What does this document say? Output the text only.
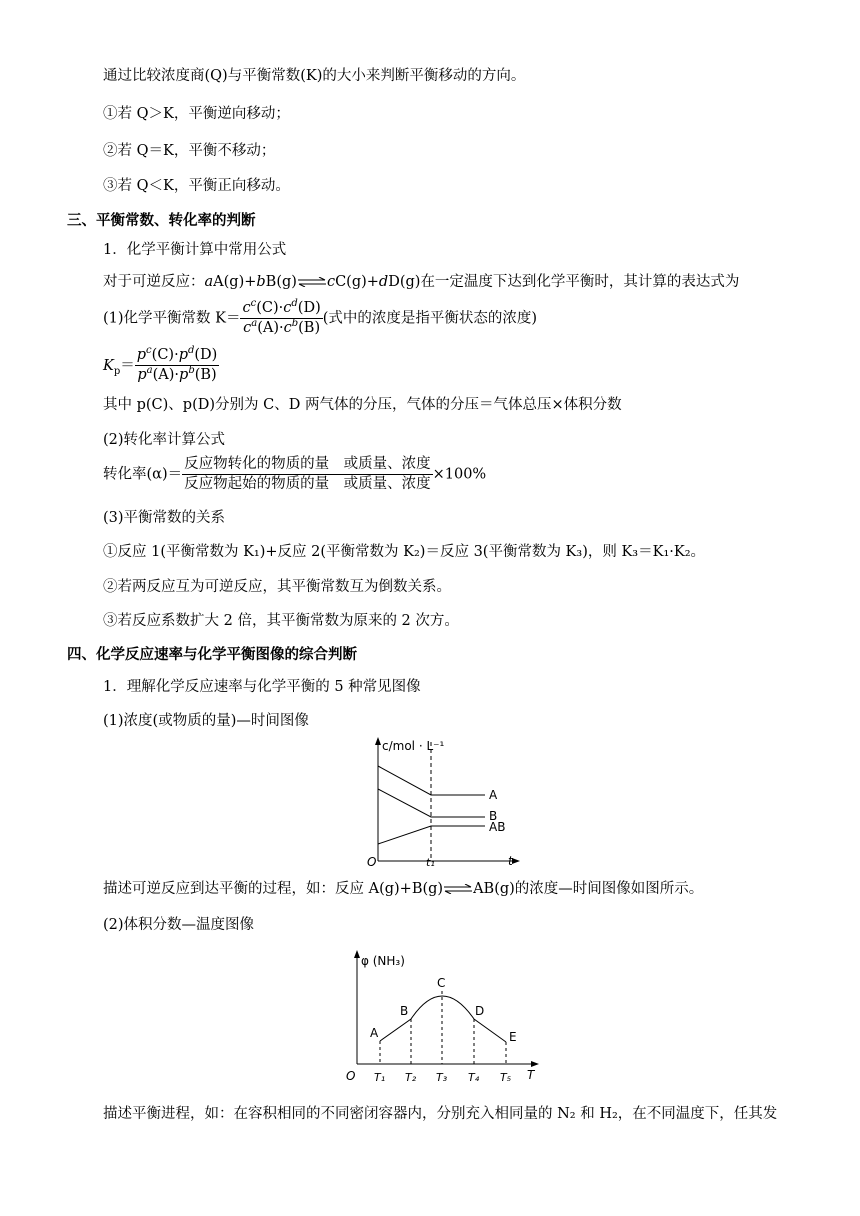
通过比较浓度商(Q)与平衡常数(K)的大小来判断平衡移动的方向。
①若 Q＞K，平衡逆向移动；
②若 Q＝K，平衡不移动；
③若 Q＜K，平衡正向移动。
三、平衡常数、转化率的判断
1．化学平衡计算中常用公式
对于可逆反应：aA(g)+bB(g)⇌cC(g)+dD(g)在一定温度下达到化学平衡时，其计算的表达式为
(1)化学平衡常数 $K= \frac{c^c(C)\cdot c^d(D)}{c^a(A)\cdot c^b(B)}$ (式中的浓度是指平衡状态的浓度)
$K_p= \frac{p^c(C)\cdot p^d(D)}{p^a(A)\cdot p^b(B)}$
其中 p(C)、p(D)分别为 C、D 两气体的分压，气体的分压＝气体总压×体积分数
(2)转化率计算公式
转化率$(\alpha)= \frac{\text{反应物转化的物质的量　或质量、浓度}}{\text{反应物起始的物质的量　或质量、浓度}} \times 100\%$
(3)平衡常数的关系
①反应 1(平衡常数为 K₁)+反应 2(平衡常数为 K₂)＝反应 3(平衡常数为 K₃)，则 K₃＝K₁·K₂。
②若两反应互为可逆反应，其平衡常数互为倒数关系。
③若反应系数扩大 2 倍，其平衡常数为原来的 2 次方。
四、化学反应速率与化学平衡图像的综合判断
1．理解化学反应速率与化学平衡的 5 种常见图像
(1)浓度(或物质的量)—时间图像
c/mol · L⁻¹
O	t₁	t
A
B
AB
描述可逆反应到达平衡的过程，如：反应 A(g)+B(g)⇌AB(g)的浓度—时间图像如图所示。
(2)体积分数—温度图像
φ (NH₃)
O T₁ T₂ T₃ T₄ T₅ T
A
B
C
D
E
描述平衡进程，如：在容积相同的不同密闭容器内，分别充入相同量的 N₂ 和 H₂，在不同温度下，任其发
